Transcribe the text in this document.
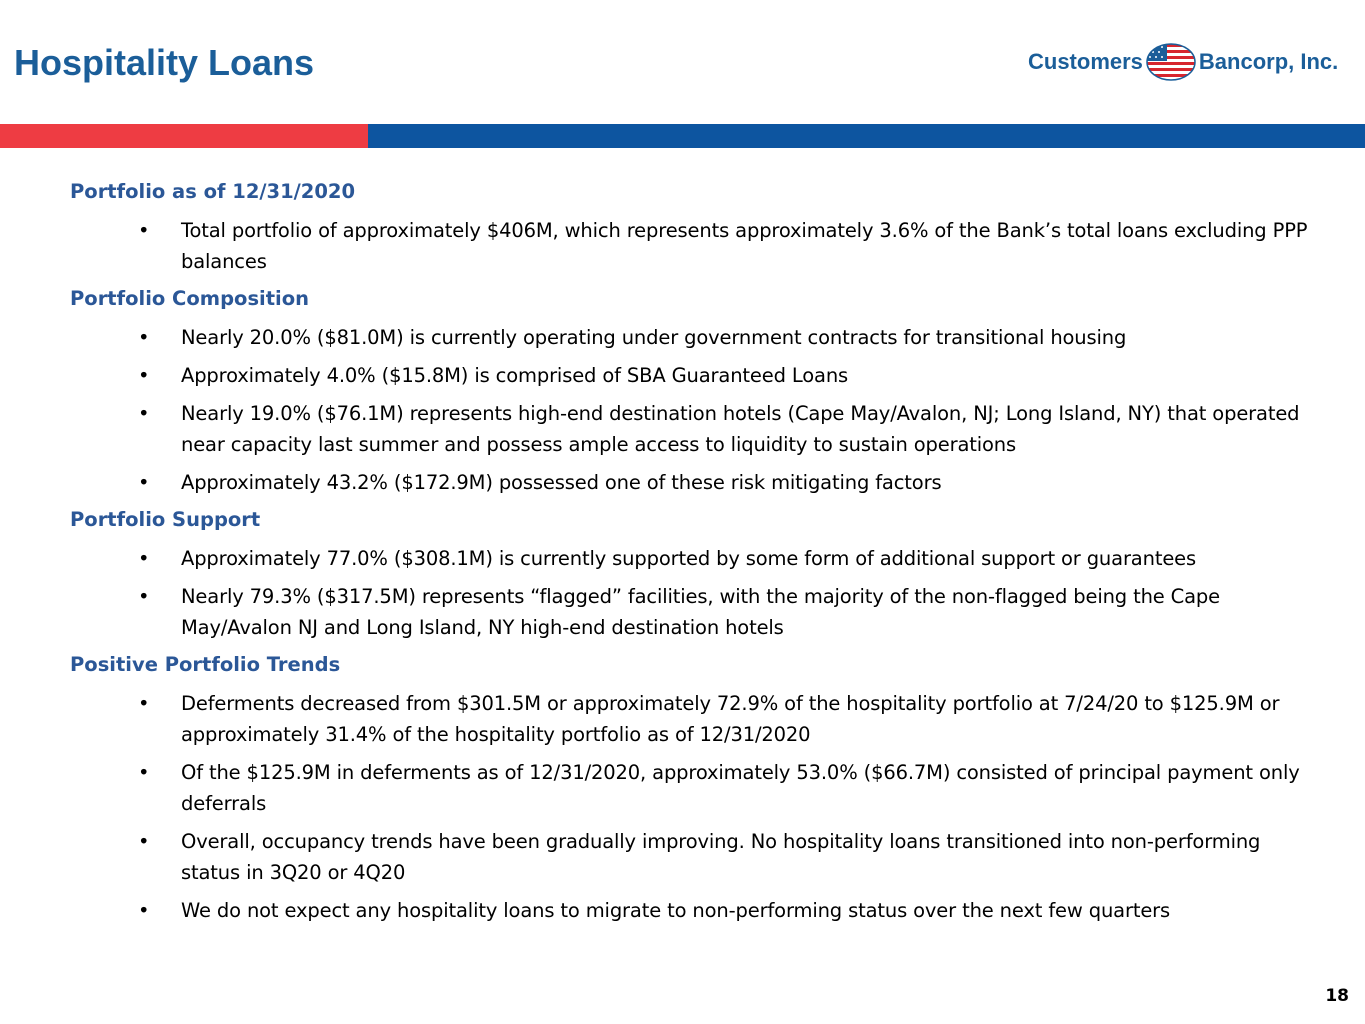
Hospitality Loans	Customers	Bancorp, Inc.

Portfolio as of 12/31/2020

• Total portfolio of approximately $406M, which represents approximately 3.6% of the Bank’s total loans excluding PPP balances

Portfolio Composition

• Nearly 20.0% ($81.0M) is currently operating under government contracts for transitional housing
• Approximately 4.0% ($15.8M) is comprised of SBA Guaranteed Loans
• Nearly 19.0% ($76.1M) represents high-end destination hotels (Cape May/Avalon, NJ; Long Island, NY) that operated near capacity last summer and possess ample access to liquidity to sustain operations
• Approximately 43.2% ($172.9M) possessed one of these risk mitigating factors

Portfolio Support

• Approximately 77.0% ($308.1M) is currently supported by some form of additional support or guarantees
• Nearly 79.3% ($317.5M) represents “flagged” facilities, with the majority of the non-flagged being the Cape May/Avalon NJ and Long Island, NY high-end destination hotels

Positive Portfolio Trends

• Deferments decreased from $301.5M or approximately 72.9% of the hospitality portfolio at 7/24/20 to $125.9M or approximately 31.4% of the hospitality portfolio as of 12/31/2020
• Of the $125.9M in deferments as of 12/31/2020, approximately 53.0% ($66.7M) consisted of principal payment only deferrals
• Overall, occupancy trends have been gradually improving. No hospitality loans transitioned into non-performing status in 3Q20 or 4Q20
• We do not expect any hospitality loans to migrate to non-performing status over the next few quarters
18
